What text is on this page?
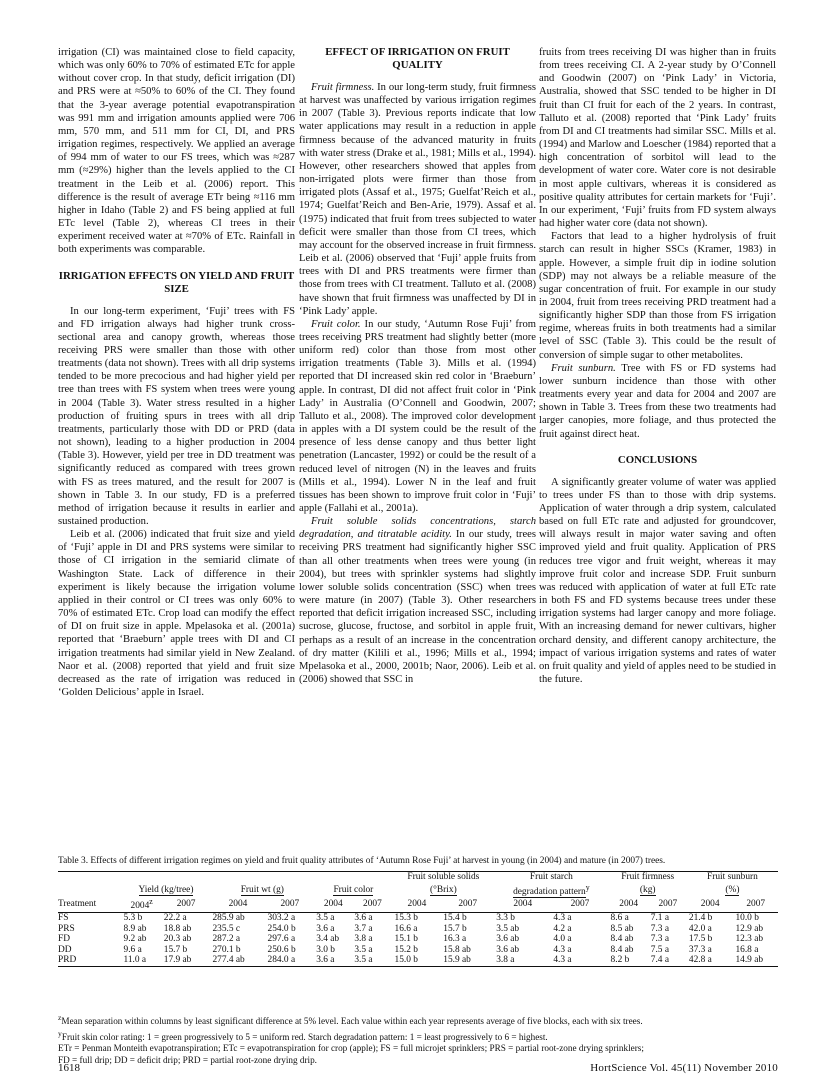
irrigation (CI) was maintained close to field capacity, which was only 60% to 70% of estimated ETc for apple without cover crop. In that study, deficit irrigation (DI) and PRS were at ≈50% to 60% of the CI. They found that the 3-year average potential evapotranspiration was 991 mm and irrigation amounts applied were 706 mm, 570 mm, and 511 mm for CI, DI, and PRS irrigation regimes, respectively. We applied an average of 994 mm of water to our FS trees, which was ≈287 mm (≈29%) higher than the levels applied to the CI treatment in the Leib et al. (2006) report. This difference is the result of average ETr being ≈116 mm higher in Idaho (Table 2) and FS being applied at full ETc level (Table 2), whereas CI trees in their experiment received water at ≈70% of ETc. Rainfall in both experiments was comparable.

IRRIGATION EFFECTS ON YIELD AND FRUIT SIZE

In our long-term experiment, ‘Fuji’ trees with FS and FD irrigation always had higher trunk cross-sectional area and canopy growth, whereas those receiving PRS were smaller than those with other treatments (data not shown). Trees with all drip systems tended to be more precocious and had higher yield per tree than trees with FS system when trees were young in 2004 (Table 3). Water stress resulted in a higher production of fruiting spurs in trees with all drip treatments, particularly those with DD or PRD (data not shown), leading to a higher production in 2004 (Table 3). However, yield per tree in DD treatment was significantly reduced as compared with trees grown with FS as trees matured, and the result for 2007 is shown in Table 3. In our study, FD is a preferred method of irrigation because it results in earlier and sustained production.

Leib et al. (2006) indicated that fruit size and yield of ‘Fuji’ apple in DI and PRS systems were similar to those of CI irrigation in the semiarid climate of Washington State. Lack of difference in their experiment is likely because the irrigation volume applied in their control or CI trees was only 60% to 70% of estimated ETc. Crop load can modify the effect of DI on fruit size in apple. Mpelasoka et al. (2001a) reported that ‘Braeburn’ apple trees with DI and CI irrigation treatments had similar yield in New Zealand. Naor et al. (2008) reported that yield and fruit size decreased as the rate of irrigation was reduced in ‘Golden Delicious’ apple in Israel.

EFFECT OF IRRIGATION ON FRUIT QUALITY

Fruit firmness. In our long-term study, fruit firmness at harvest was unaffected by various irrigation regimes in 2007 (Table 3). Previous reports indicate that low water applications may result in a reduction in apple firmness because of the advanced maturity in fruits with water stress (Drake et al., 1981; Mills et al., 1994). However, other researchers showed that apples from non-irrigated plots were firmer than those from irrigated plots (Assaf et al., 1975; Guelfat’Reich et al., 1974; Guelfat’Reich and Ben-Arie, 1979). Assaf et al. (1975) indicated that fruit from trees subjected to water deficit were smaller than those from CI trees, which may account for the observed increase in fruit firmness. Leib et al. (2006) observed that ‘Fuji’ apple fruits from trees with DI and PRS treatments were firmer than those from trees with CI treatment. Talluto et al. (2008) have shown that fruit firmness was unaffected by DI in ‘Pink Lady’ apple.

Fruit color. In our study, ‘Autumn Rose Fuji’ from trees receiving PRS treatment had slightly better (more uniform red) color than those from most other irrigation treatments (Table 3). Mills et al. (1994) reported that DI increased skin red color in ‘Braeburn’ apple. In contrast, DI did not affect fruit color in ‘Pink Lady’ in Australia (O’Connell and Goodwin, 2007; Talluto et al., 2008). The improved color development in apples with a DI system could be the result of the presence of less dense canopy and thus better light penetration (Lancaster, 1992) or could be the result of a reduced level of nitrogen (N) in the leaves and fruits (Mills et al., 1994). Lower N in the leaf and fruit tissues has been shown to improve fruit color in ‘Fuji’ apple (Fallahi et al., 2001a).

Fruit soluble solids concentrations, starch degradation, and titratable acidity. In our study, trees receiving PRS treatment had significantly higher SSC than all other treatments when trees were young (in 2004), but trees with sprinkler systems had slightly lower soluble solids concentration (SSC) when trees were mature (in 2007) (Table 3). Other researchers reported that deficit irrigation increased SSC, including sucrose, glucose, fructose, and sorbitol in apple fruit, perhaps as a result of an increase in the concentration of dry matter (Kilili et al., 1996; Mills et al., 1994; Mpelasoka et al., 2000, 2001b; Naor, 2006). Leib et al. (2006) showed that SSC in

fruits from trees receiving DI was higher than in fruits from trees receiving CI. A 2-year study by O’Connell and Goodwin (2007) on ‘Pink Lady’ in Victoria, Australia, showed that SSC tended to be higher in DI fruit than CI fruit for each of the 2 years. In contrast, Talluto et al. (2008) reported that ‘Pink Lady’ fruits from DI and CI treatments had similar SSC. Mills et al. (1994) and Marlow and Loescher (1984) reported that a high concentration of sorbitol will lead to the development of water core. Water core is not desirable in most apple cultivars, whereas it is considered as positive quality attributes for certain markets for ‘Fuji’. In our experiment, ‘Fuji’ fruits from FD system always had higher water core (data not shown).

Factors that lead to a higher hydrolysis of fruit starch can result in higher SSCs (Kramer, 1983) in apple. However, a simple fruit dip in iodine solution (SDP) may not always be a reliable measure of the sugar concentration of fruit. For example in our study in 2004, fruit from trees receiving PRD treatment had a significantly higher SDP than those from FS irrigation regime, whereas fruits in both treatments had a similar level of SSC (Table 3). This could be the result of conversion of simple sugar to other metabolites.

Fruit sunburn. Tree with FS or FD systems had lower sunburn incidence than those with other treatments every year and data for 2004 and 2007 are shown in Table 3. Trees from these two treatments had larger canopies, more foliage, and thus protected the fruit against direct heat.

CONCLUSIONS

A significantly greater volume of water was applied to trees under FS than to those with drip systems. Application of water through a drip system, calculated based on full ETc rate and adjusted for groundcover, will always result in major water saving and often improved yield and fruit quality. Application of PRS reduces tree vigor and fruit weight, whereas it may improve fruit color and increase SDP. Fruit sunburn was reduced with application of water at full ETc rate in both FS and FD systems because trees under these irrigation systems had larger canopy and more foliage. With an increasing demand for newer cultivars, higher orchard density, and different canopy architecture, the impact of various irrigation systems and rates of water on fruit quality and yield of apples need to be studied in the future.

Table 3. Effects of different irrigation regimes on yield and fruit quality attributes of ‘Autumn Rose Fuji’ at harvest in young (in 2004) and mature (in 2007) trees.
							Fruit soluble solids		Fruit starch		Fruit firmness		Fruit sunburn	
	Yield (kg/tree)		Fruit wt (g)		Fruit color		(°Brix)		degradation pattern$^y$		(kg)		(%)	
Treatment	2004$^z$	2007	2004	2007	2004	2007	2004	2007	2004	2007	2004	2007	2004	2007
FS	5.3 b	22.2 a	285.9 ab	303.2 a	3.5 a	3.6 a	15.3 b	15.4 b	3.3 b	4.3 a	8.6 a	7.1 a	21.4 b	10.0 b
PRS	8.9 ab	18.8 ab	235.5 c	254.0 b	3.6 a	3.7 a	16.6 a	15.7 b	3.5 ab	4.2 a	8.5 ab	7.3 a	42.0 a	12.9 ab
FD	9.2 ab	20.3 ab	287.2 a	297.6 a	3.4 ab	3.8 a	15.1 b	16.3 a	3.6 ab	4.0 a	8.4 ab	7.3 a	17.5 b	12.3 ab
DD	9.6 a	15.7 b	270.1 b	250.6 b	3.0 b	3.5 a	15.2 b	15.8 ab	3.6 ab	4.3 a	8.4 ab	7.5 a	37.3 a	16.8 a
PRD	11.0 a	17.9 ab	277.4 ab	284.0 a	3.6 a	3.5 a	15.0 b	15.9 ab	3.8 a	4.3 a	8.2 b	7.4 a	42.8 a	14.9 ab
$^z$Mean separation within columns by least significant difference at 5% level. Each value within each year represents average of five blocks, each with six trees.
$^y$Fruit skin color rating: 1 = green progressively to 5 = uniform red. Starch degradation pattern: 1 = least progressively to 6 = highest.
ETr = Penman Monteith evapotranspiration; ETc = evapotranspiration for crop (apple); FS = full microjet sprinklers; PRS = partial root-zone drying sprinklers;
FD = full drip; DD = deficit drip; PRD = partial root-zone drying drip.
1618	HortScience Vol. 45(11) November 2010
